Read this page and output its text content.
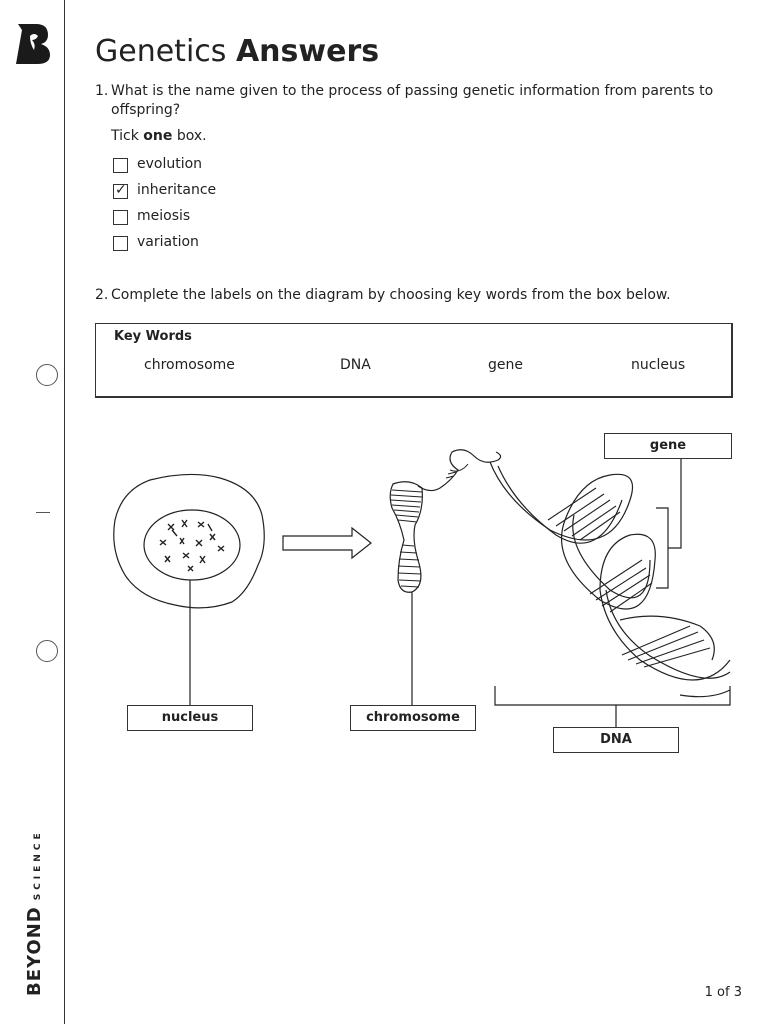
BEYONDSCIENCE
Genetics Answers
1. What is the name given to the process of passing genetic information from parents to
offspring?
Tick one box.
evolution
✓ inheritance
meiosis
variation
2. Complete the labels on the diagram by choosing key words from the box below.
Key Words
chromosome	DNA	gene	nucleus
nucleus	chromosome
gene
DNA
1 of 3
